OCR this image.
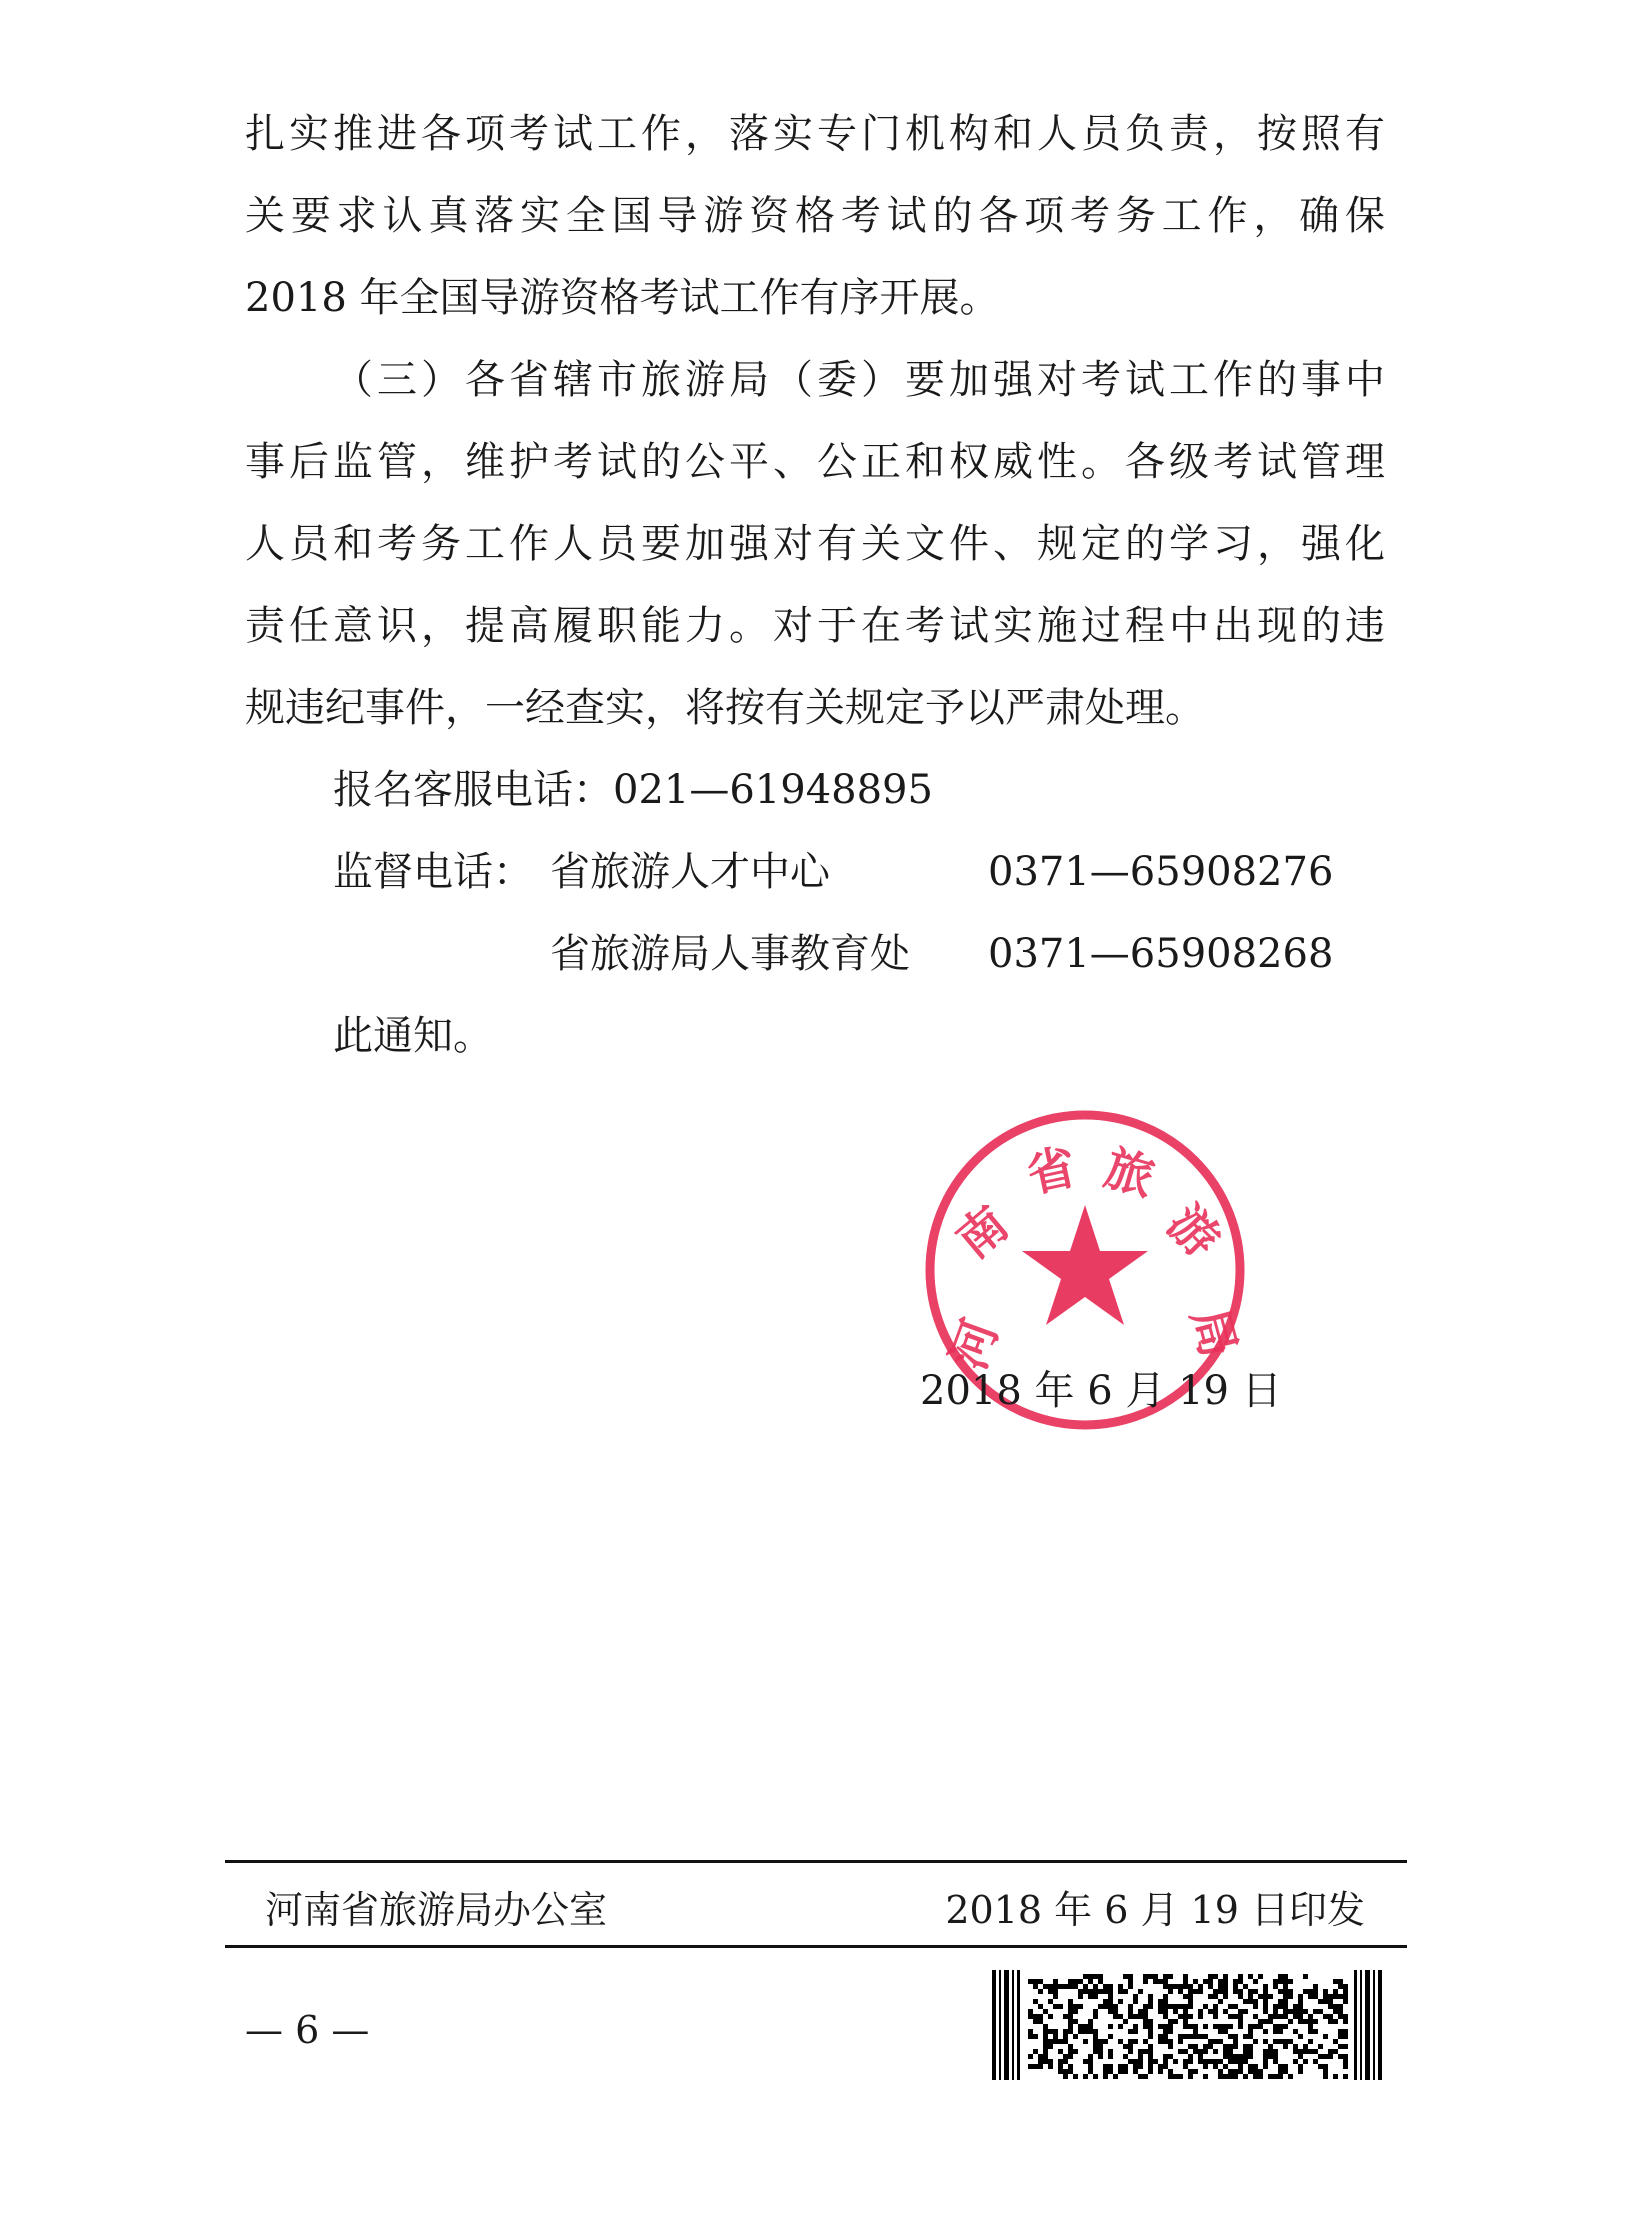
扎实推进各项考试工作，落实专门机构和人员负责，按照有
关要求认真落实全国导游资格考试的各项考务工作，确保
2018 年全国导游资格考试工作有序开展。
（三）各省辖市旅游局（委）要加强对考试工作的事中
事后监管，维护考试的公平、公正和权威性。各级考试管理
人员和考务工作人员要加强对有关文件、规定的学习，强化
责任意识，提高履职能力。对于在考试实施过程中出现的违
规违纪事件，一经查实，将按有关规定予以严肃处理。
报名客服电话：021—61948895
监督电话： 省旅游人才中心	0371—65908276
省旅游局人事教育处 0371—65908268
此通知。
河
南
省 旅
游
局
2018 年 6 月 19 日
河南省旅游局办公室	2018 年 6 月 19 日印发
— 6 —
